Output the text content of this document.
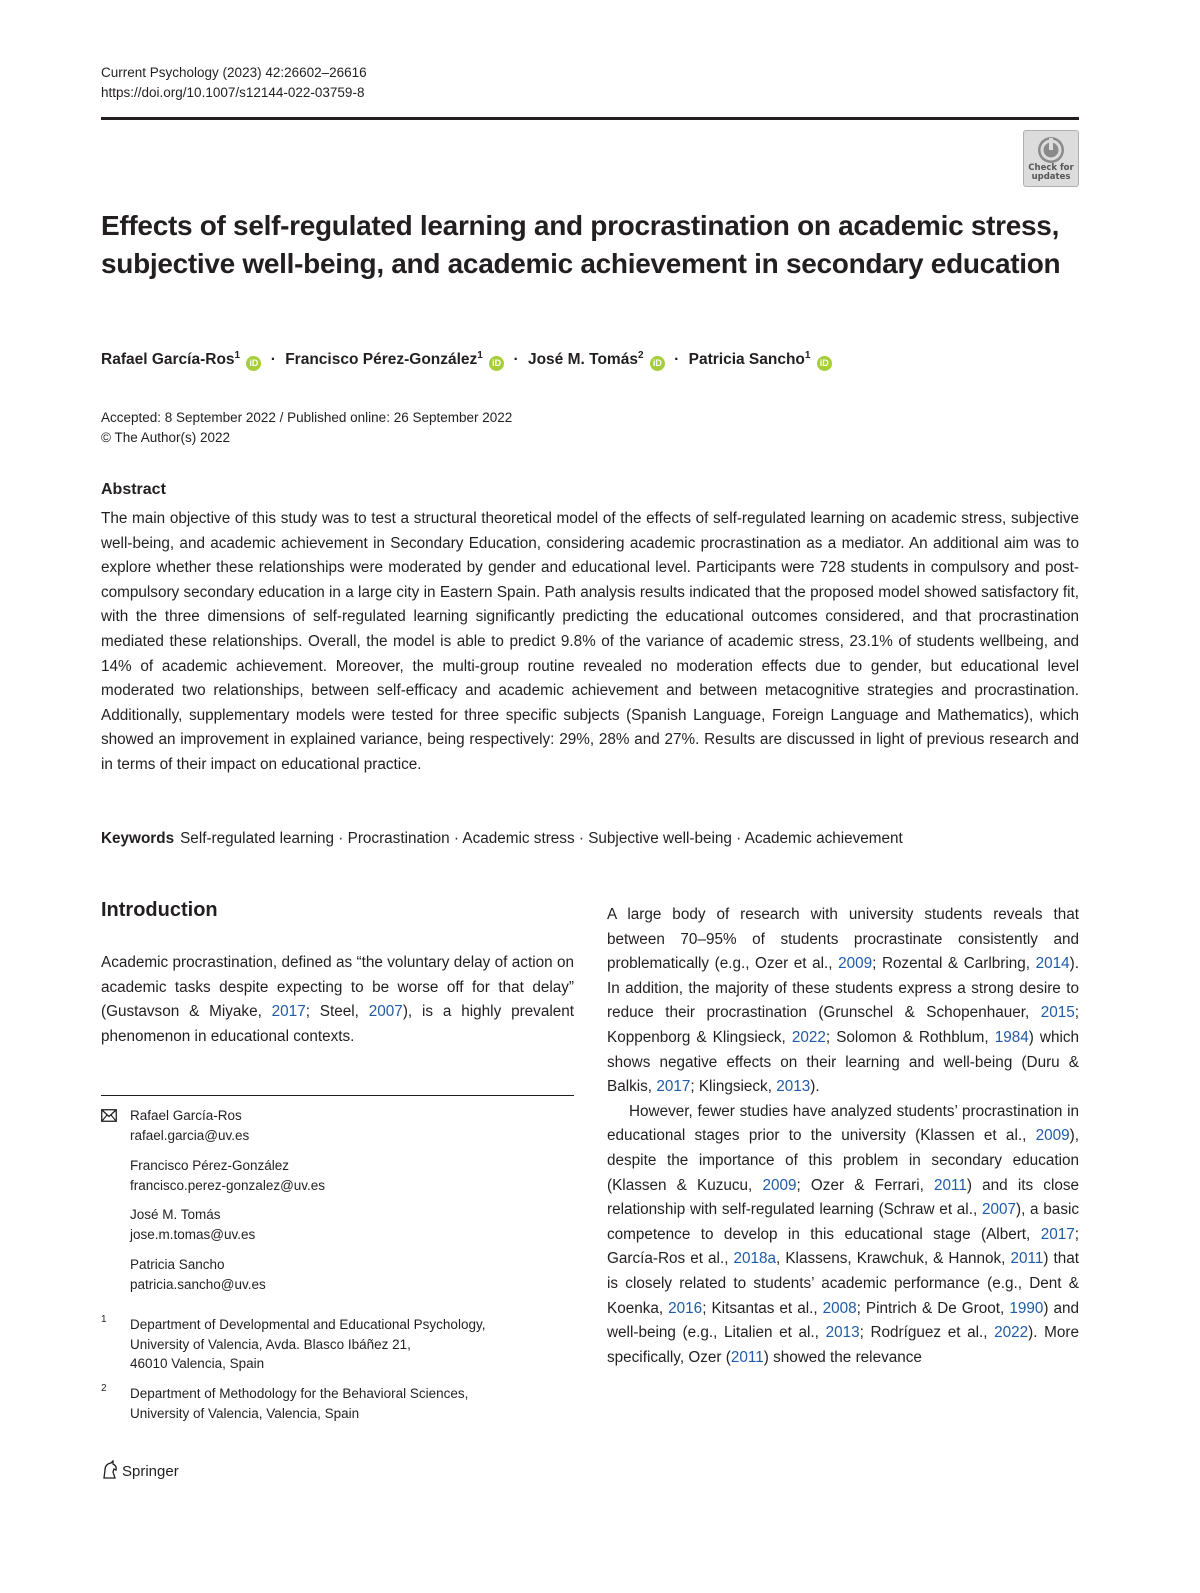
Current Psychology (2023) 42:26602–26616
https://doi.org/10.1007/s12144-022-03759-8
Check for
updates
Effects of self-regulated learning and procrastination on academic stress, subjective well-being, and academic achievement in secondary education
Rafael García-Ros$^1$ iD · Francisco Pérez-González$^1$ iD · José M. Tomás$^2$ iD · Patricia Sancho$^1$ iD
Accepted: 8 September 2022 / Published online: 26 September 2022
© The Author(s) 2022
Abstract
The main objective of this study was to test a structural theoretical model of the effects of self-regulated learning on academic stress, subjective well-being, and academic achievement in Secondary Education, considering academic procrastination as a mediator. An additional aim was to explore whether these relationships were moderated by gender and educational level. Participants were 728 students in compulsory and post-compulsory secondary education in a large city in Eastern Spain. Path analysis results indicated that the proposed model showed satisfactory fit, with the three dimensions of self-regulated learning significantly predicting the educational outcomes considered, and that procrastination mediated these relationships. Overall, the model is able to predict 9.8% of the variance of academic stress, 23.1% of students wellbeing, and 14% of academic achievement. Moreover, the multi-group routine revealed no moderation effects due to gender, but educational level moderated two relationships, between self-efficacy and academic achievement and between metacognitive strategies and procrastination. Additionally, supplementary models were tested for three specific subjects (Spanish Language, Foreign Language and Mathematics), which showed an improvement in explained variance, being respectively: 29%, 28% and 27%. Results are discussed in light of previous research and in terms of their impact on educational practice.
Keywords Self-regulated learning · Procrastination · Academic stress · Subjective well-being · Academic achievement
Introduction
Academic procrastination, defined as “the voluntary delay of action on academic tasks despite expecting to be worse off for that delay” (Gustavson & Miyake, 2017; Steel, 2007), is a highly prevalent phenomenon in educational contexts.
Rafael García-Ros
rafael.garcia@uv.es
Francisco Pérez-González
francisco.perez-gonzalez@uv.es
José M. Tomás
jose.m.tomas@uv.es
Patricia Sancho
patricia.sancho@uv.es
1 Department of Developmental and Educational Psychology,
University of Valencia, Avda. Blasco Ibáñez 21,
46010 Valencia, Spain
2 Department of Methodology for the Behavioral Sciences,
University of Valencia, Valencia, Spain

A large body of research with university students reveals that between 70–95% of students procrastinate consistently and problematically (e.g., Ozer et al., 2009; Rozental & Carlbring, 2014). In addition, the majority of these students express a strong desire to reduce their procrastination (Grunschel & Schopenhauer, 2015; Koppenborg & Klingsieck, 2022; Solomon & Rothblum, 1984) which shows negative effects on their learning and well-being (Duru & Balkis, 2017; Klingsieck, 2013).

However, fewer studies have analyzed students’ procrastination in educational stages prior to the university (Klassen et al., 2009), despite the importance of this problem in secondary education (Klassen & Kuzucu, 2009; Ozer & Ferrari, 2011) and its close relationship with self-regulated learning (Schraw et al., 2007), a basic competence to develop in this educational stage (Albert, 2017; García-Ros et al., 2018a, Klassens, Krawchuk, & Hannok, 2011) that is closely related to students’ academic performance (e.g., Dent & Koenka, 2016; Kitsantas et al., 2008; Pintrich & De Groot, 1990) and well-being (e.g., Litalien et al., 2013; Rodríguez et al., 2022). More specifically, Ozer (2011) showed the relevance

Springer
